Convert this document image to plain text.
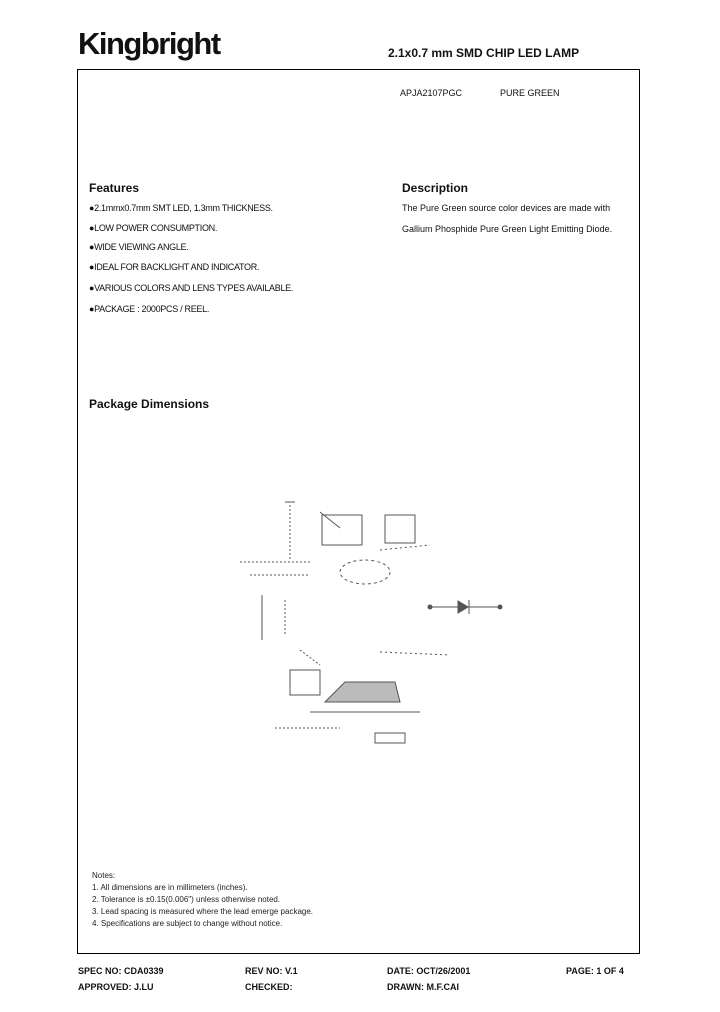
Kingbright	2.1x0.7 mm SMD CHIP LED LAMP
APJA2107PGC	PURE GREEN
Features
●2.1mmx0.7mm SMT LED, 1.3mm THICKNESS.
●LOW POWER CONSUMPTION.
●WIDE VIEWING ANGLE.
●IDEAL FOR BACKLIGHT AND INDICATOR.
●VARIOUS COLORS AND LENS TYPES AVAILABLE.
●PACKAGE : 2000PCS / REEL.
Description
The Pure Green source color devices are made with
Gallium Phosphide Pure Green Light Emitting Diode.
Package Dimensions
Notes:
1. All dimensions are in millimeters (inches).
2. Tolerance is ±0.15(0.006") unless otherwise noted.
3. Lead spacing is measured where the lead emerge package.
4. Specifications are subject to change without notice.
SPEC NO: CDA0339	REV NO: V.1	DATE: OCT/26/2001	PAGE: 1 OF 4
APPROVED: J.LU	CHECKED:	DRAWN: M.F.CAI
